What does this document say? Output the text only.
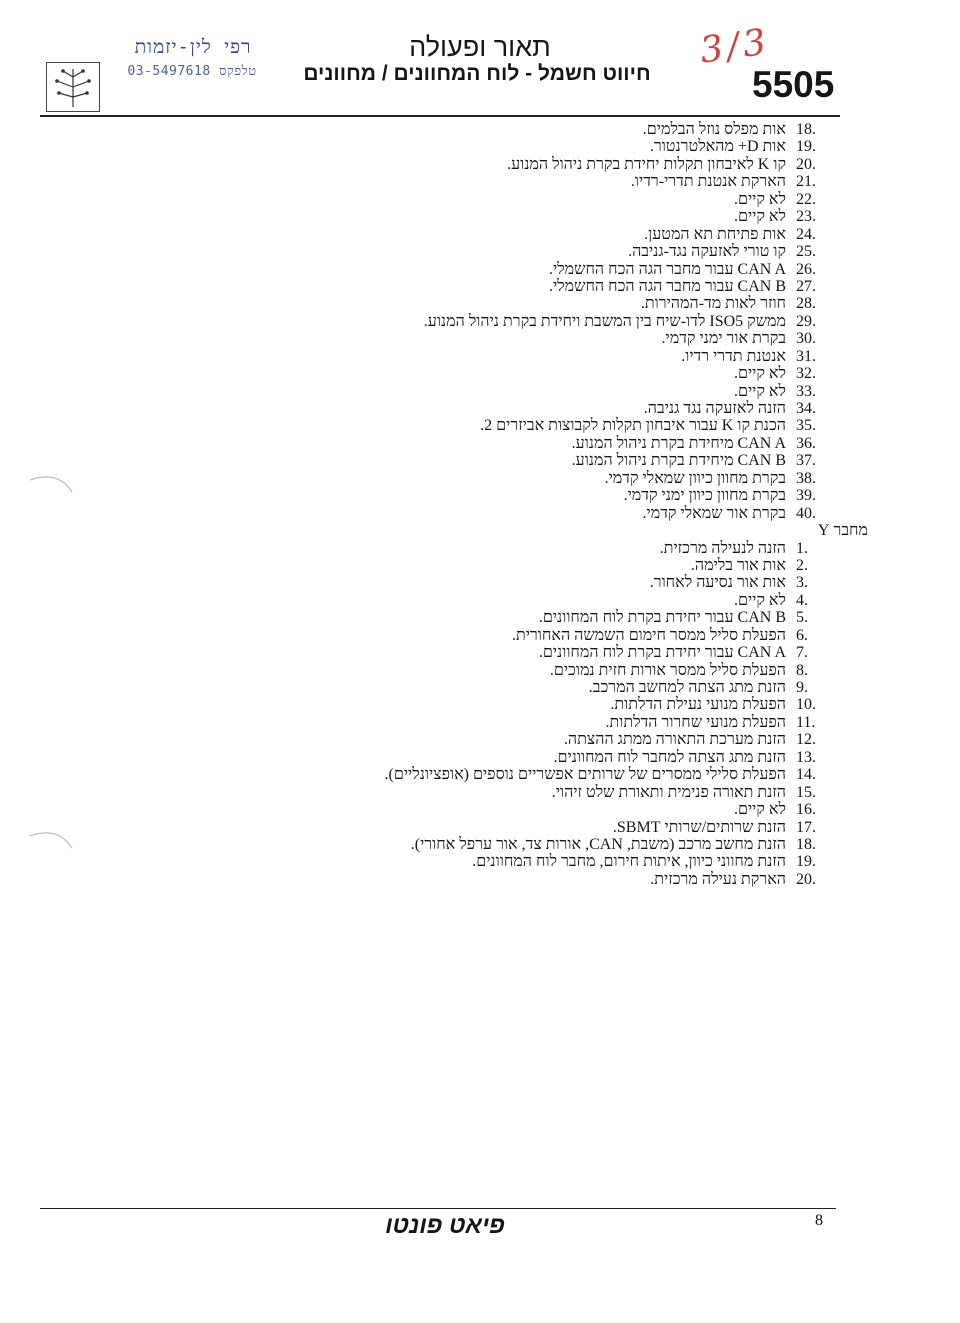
רפי לין-יזמות
03-5497618 טלפקס
תאור ופעולה
חיווט חשמל - לוח המחוונים / מחוונים
3/3
5505
18.
אות מפלס נוזל הבלמים.
19.
אות D+ מהאלטרנטור.
20.
קו K לאיבחון תקלות יחידת בקרת ניהול המנוע.
21.
הארקת אנטנת תדרי-רדיו.
22.
לא קיים.
23.
לא קיים.
24.
אות פתיחת תא המטען.
25.
קו טורי לאזעקה נגד-גניבה.
26.
CAN A עבור מחבר הגה הכח החשמלי.
27.
CAN B עבור מחבר הגה הכח החשמלי.
28.
חוזר לאות מד-המהירות.
29.
ממשק ISO5 לדו-שיח בין המשבת ויחידת בקרת ניהול המנוע.
30.
בקרת אור ימני קדמי.
31.
אנטנת תדרי רדיו.
32.
לא קיים.
33.
לא קיים.
34.
הזנה לאזעקה נגד גניבה.
35.
הכנת קו K עבור איבחון תקלות לקבוצות אביזרים 2.
36.
CAN A מיחידת בקרת ניהול המנוע.
37.
CAN B מיחידת בקרת ניהול המנוע.
38.
בקרת מחוון כיוון שמאלי קדמי.
39.
בקרת מחוון כיוון ימני קדמי.
40.
בקרת אור שמאלי קדמי.
מחבר Y
1.
הזנה לנעילה מרכזית.
2.
אות אור בלימה.
3.
אות אור נסיעה לאחור.
4.
לא קיים.
5.
CAN B עבור יחידת בקרת לוח המחוונים.
6.
הפעלת סליל ממסר חימום השמשה האחורית.
7.
CAN A עבור יחידת בקרת לוח המחוונים.
8.
הפעלת סליל ממסר אורות חזית נמוכים.
9.
הזנת מתג הצתה למחשב המרכב.
10.
הפעלת מנועי נעילת הדלתות.
11.
הפעלת מנועי שחרור הדלתות.
12.
הזנת מערכת התאורה ממתג ההצתה.
13.
הזנת מתג הצתה למחבר לוח המחוונים.
14.
הפעלת סלילי ממסרים של שרותים אפשריים נוספים (אופציונליים).
15.
הזנת תאורה פנימית ותאורת שלט זיהוי.
16.
לא קיים.
17.
הזנת שרותים/שרותי SBMT.
18.
הזנת מחשב מרכב (משבת, CAN, אורות צד, אור ערפל אחורי).
19.
הזנת מחווני כיוון, איתות חירום, מחבר לוח המחוונים.
20.
הארקת נעילה מרכזית.
פיאט פונטו	8
